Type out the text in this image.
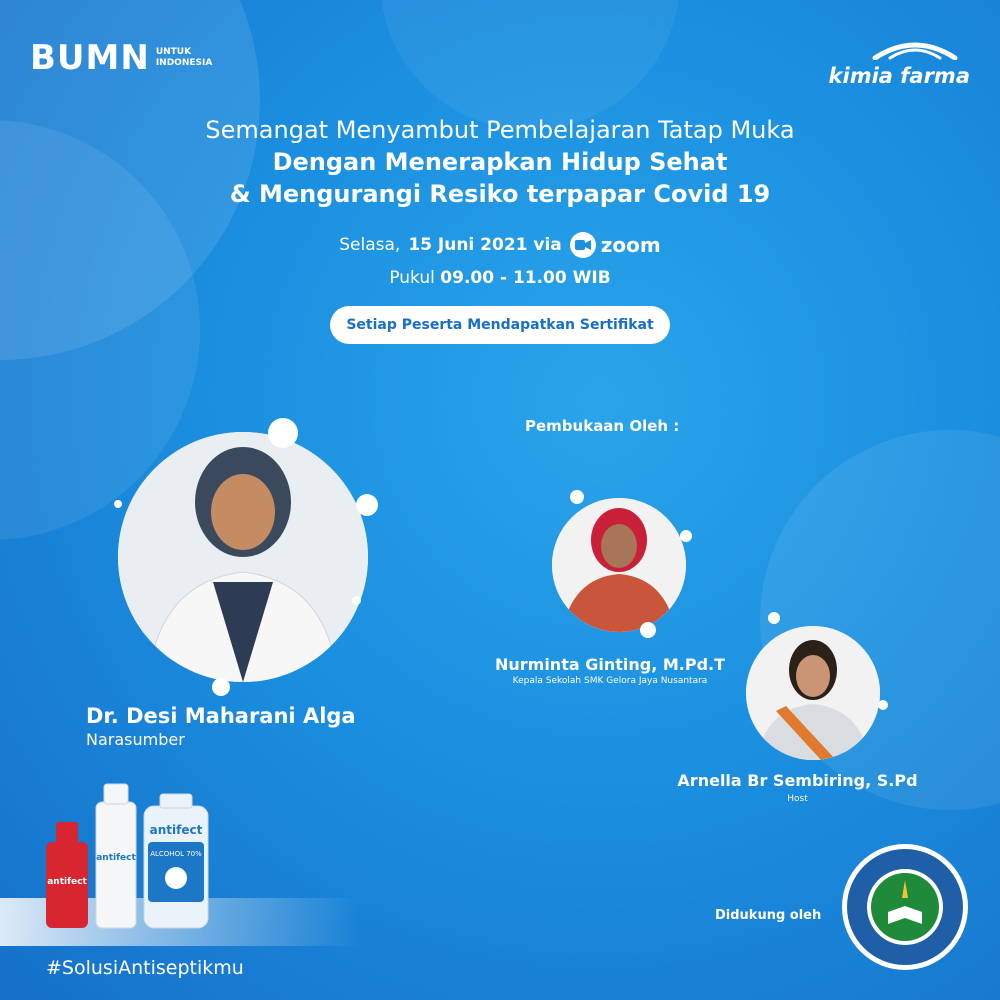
BUMN UNTUK
INDONESIA
kimia farma

Semangat Menyambut Pembelajaran Tatap Muka

Dengan Menerapkan Hidup Sehat

& Mengurangi Resiko terpapar Covid 19

Selasa, 15 Juni 2021 via zoom
Pukul 09.00 - 11.00 WIB
Setiap Peserta Mendapatkan Sertifikat
Dr. Desi Maharani Alga
Narasumber
Pembukaan Oleh :
Nurminta Ginting, M.Pd.T
Kepala Sekolah SMK Gelora Jaya Nusantara
Arnella Br Sembiring, S.Pd
Host
antifect
antifect
antifect
ALCOHOL 70%
#SolusiAntiseptikmu
Didukung oleh
